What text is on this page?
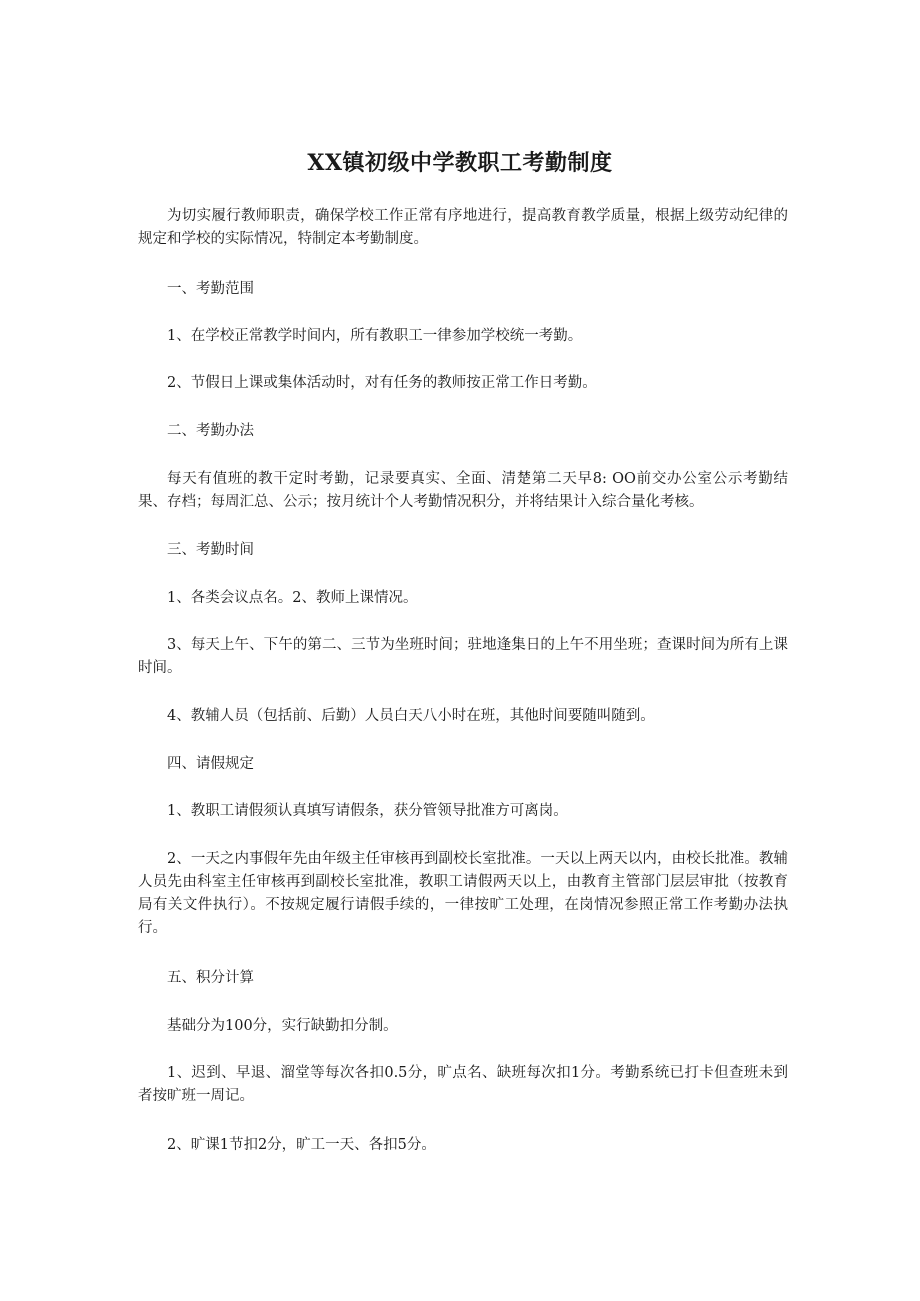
XX镇初级中学教职工考勤制度

为切实履行教师职责，确保学校工作正常有序地进行，提高教育教学质量，根据上级劳动纪律的规定和学校的实际情况，特制定本考勤制度。

一、考勤范围

1、在学校正常教学时间内，所有教职工一律参加学校统一考勤。

2、节假日上课或集体活动时，对有任务的教师按正常工作日考勤。

二、考勤办法

每天有值班的教干定时考勤，记录要真实、全面、清楚第二天早8: OO前交办公室公示考勤结果、存档；每周汇总、公示；按月统计个人考勤情况积分，并将结果计入综合量化考核。

三、考勤时间

1、各类会议点名。2、教师上课情况。

3、每天上午、下午的第二、三节为坐班时间；驻地逢集日的上午不用坐班；查课时间为所有上课时间。

4、教辅人员（包括前、后勤）人员白天八小时在班，其他时间要随叫随到。

四、请假规定

1、教职工请假须认真填写请假条，获分管领导批准方可离岗。

2、一天之内事假年先由年级主任审核再到副校长室批准。一天以上两天以内，由校长批准。教辅人员先由科室主任审核再到副校长室批准，教职工请假两天以上，由教育主管部门层层审批（按教育局有关文件执行）。不按规定履行请假手续的，一律按旷工处理，在岗情况参照正常工作考勤办法执行。

五、积分计算

基础分为100分，实行缺勤扣分制。

1、迟到、早退、溜堂等每次各扣0.5分，旷点名、缺班每次扣1分。考勤系统已打卡但查班未到者按旷班一周记。

2、旷课1节扣2分，旷工一天、各扣5分。
